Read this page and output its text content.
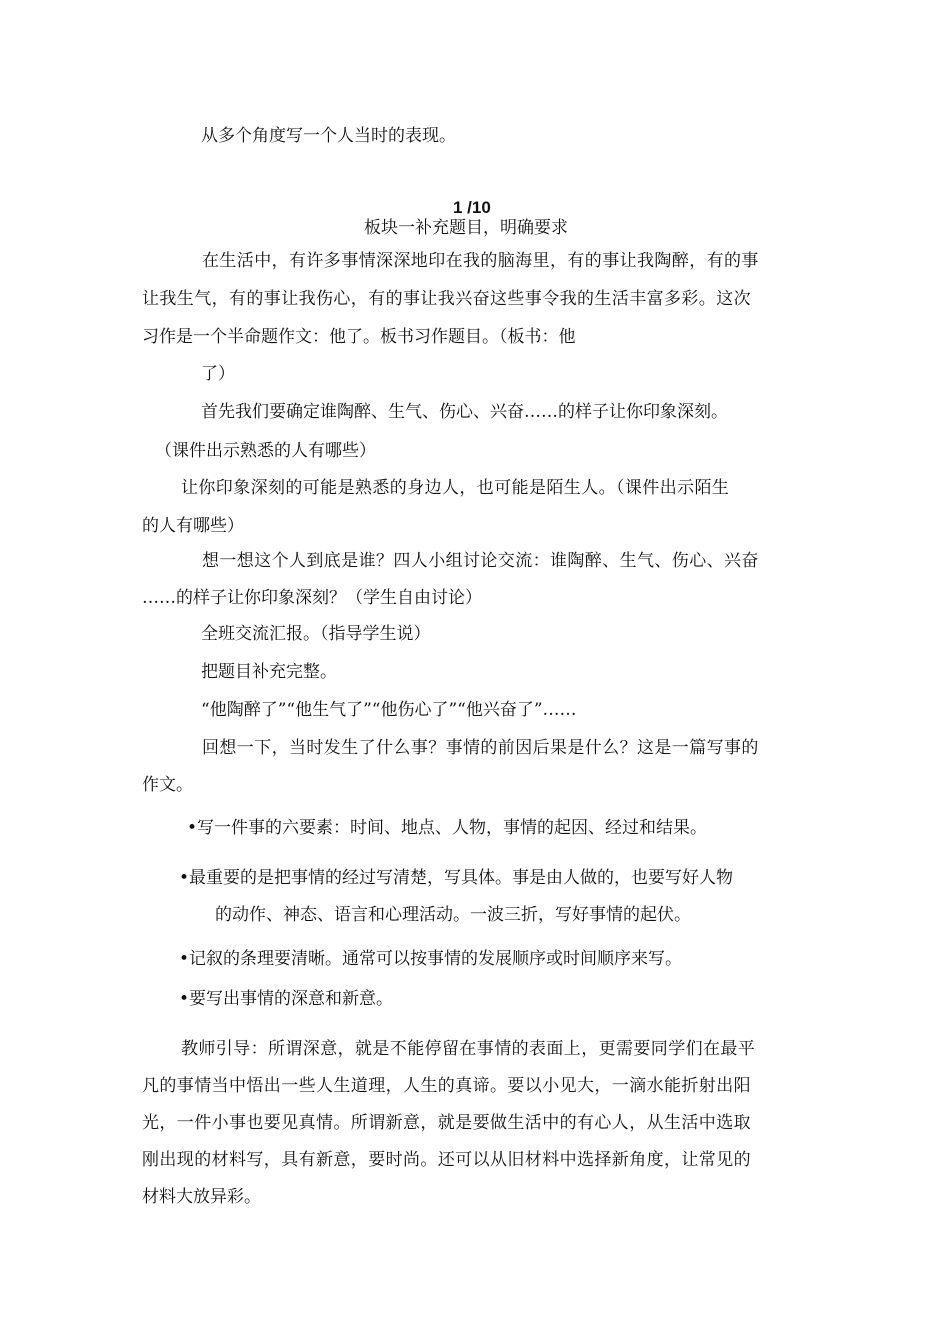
从多个角度写一个人当时的表现。
1 /10
板块一补充题目，明确要求
在生活中，有许多事情深深地印在我的脑海里，有的事让我陶醉，有的事
让我生气，有的事让我伤心，有的事让我兴奋这些事令我的生活丰富多彩。这次
习作是一个半命题作文：他了。板书习作题目。（板书：他
了）
首先我们要确定谁陶醉、生气、伤心、兴奋……的样子让你印象深刻。
（课件出示熟悉的人有哪些）
让你印象深刻的可能是熟悉的身边人，也可能是陌生人。（课件出示陌生
的人有哪些）
想一想这个人到底是谁？四人小组讨论交流：谁陶醉、生气、伤心、兴奋
……的样子让你印象深刻？（学生自由讨论）
全班交流汇报。（指导学生说）
把题目补充完整。
“他陶醉了”“他生气了”“他伤心了”“他兴奋了”……
回想一下，当时发生了什么事？事情的前因后果是什么？这是一篇写事的
作文。
•写一件事的六要素：时间、地点、人物，事情的起因、经过和结果。
•最重要的是把事情的经过写清楚，写具体。事是由人做的，也要写好人物
的动作、神态、语言和心理活动。一波三折，写好事情的起伏。
•记叙的条理要清晰。通常可以按事情的发展顺序或时间顺序来写。
•要写出事情的深意和新意。
教师引导：所谓深意，就是不能停留在事情的表面上，更需要同学们在最平
凡的事情当中悟出一些人生道理，人生的真谛。要以小见大，一滴水能折射出阳
光，一件小事也要见真情。所谓新意，就是要做生活中的有心人，从生活中选取
刚出现的材料写，具有新意，要时尚。还可以从旧材料中选择新角度，让常见的
材料大放异彩。
